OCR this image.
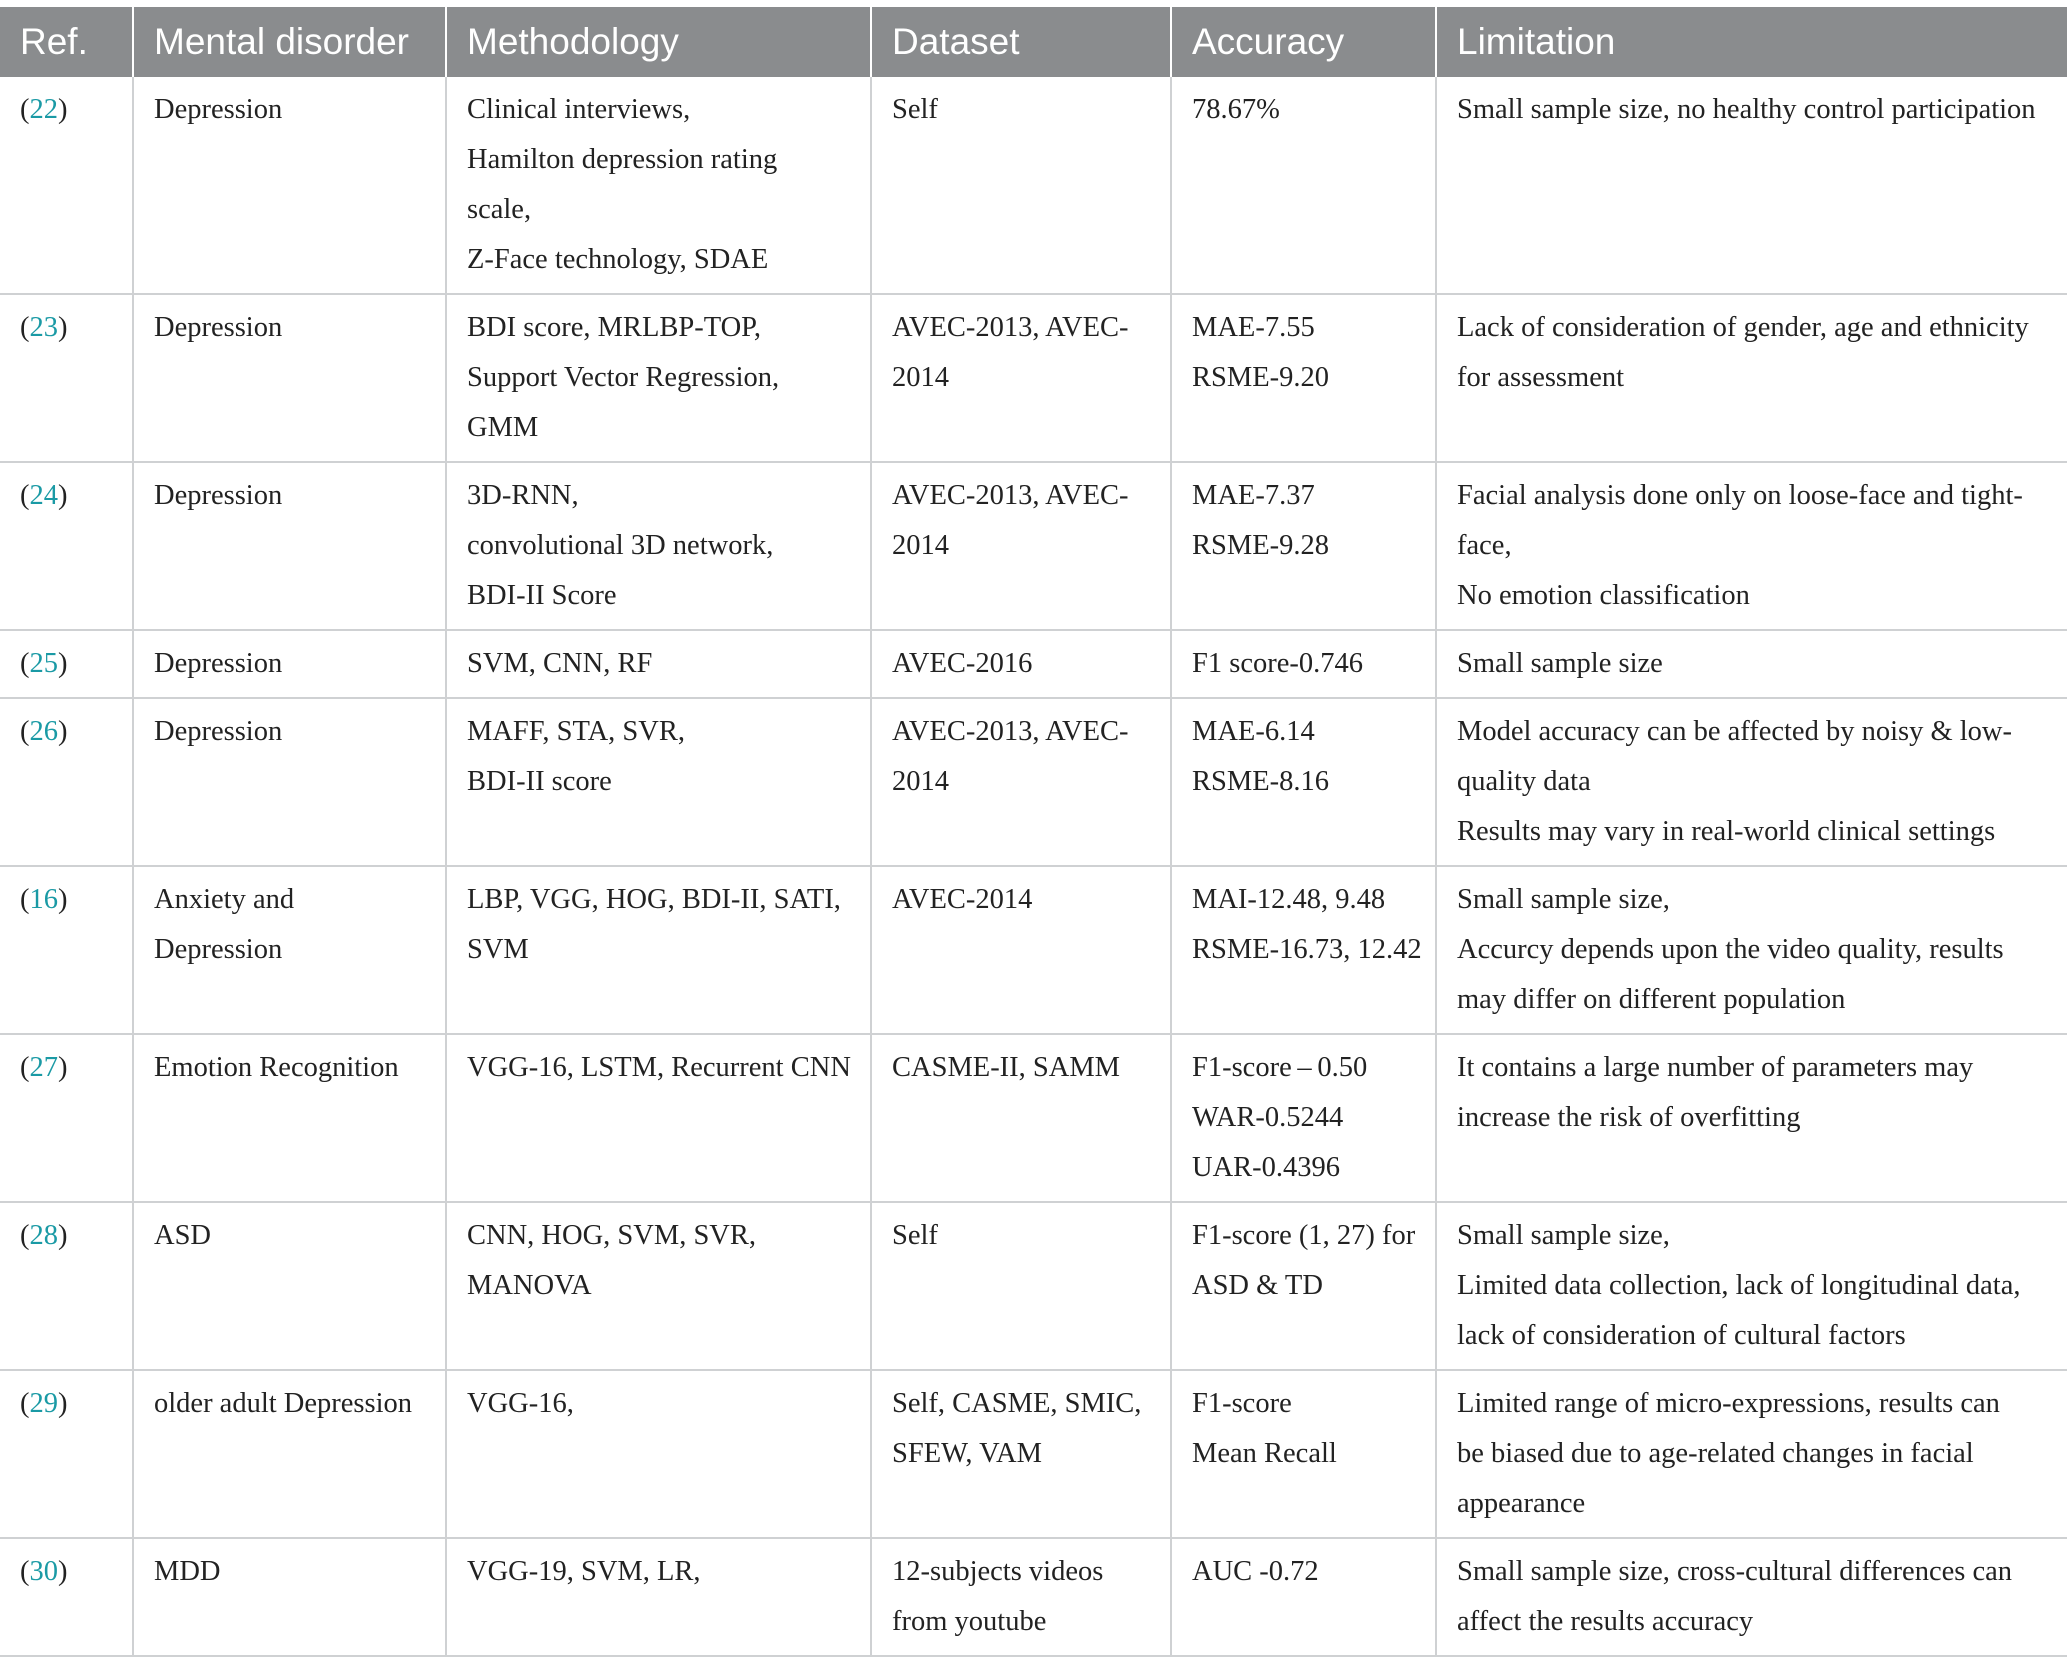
Ref.	Mental disorder	Methodology	Dataset	Accuracy	Limitation
(22)	Depression	Clinical interviews,
Hamilton depression rating
scale,
Z-Face technology, SDAE	Self	78.67%	Small sample size, no healthy control participation

(23)	Depression	BDI score, MRLBP-TOP,
Support Vector Regression,
GMM	AVEC-2013, AVEC-
2014	MAE-7.55
RSME-9.20	Lack of consideration of gender, age and ethnicity
for assessment

(24)	Depression	3D-RNN,
convolutional 3D network,
BDI-II Score	AVEC-2013, AVEC-
2014	MAE-7.37
RSME-9.28	Facial analysis done only on loose-face and tight-
face,
No emotion classification

(25)	Depression	SVM, CNN, RF	AVEC-2016	F1 score-0.746	Small sample size

(26)	Depression	MAFF, STA, SVR,
BDI-II score	AVEC-2013, AVEC-
2014	MAE-6.14
RSME-8.16	Model accuracy can be affected by noisy & low-
quality data
Results may vary in real-world clinical settings

(16)	Anxiety and
Depression	LBP, VGG, HOG, BDI-II, SATI,
SVM	AVEC-2014	MAI-12.48, 9.48
RSME-16.73, 12.42	Small sample size,
Accurcy depends upon the video quality, results
may differ on different population

(27)	Emotion Recognition	VGG-16, LSTM, Recurrent CNN	CASME-II, SAMM	F1-score – 0.50
WAR-0.5244
UAR-0.4396	It contains a large number of parameters may
increase the risk of overfitting

(28)	ASD	CNN, HOG, SVM, SVR,
MANOVA	Self	F1-score (1, 27) for
ASD & TD	Small sample size,
Limited data collection, lack of longitudinal data,
lack of consideration of cultural factors

(29)	older adult Depression	VGG-16,	Self, CASME, SMIC,
SFEW, VAM	F1-score
Mean Recall	Limited range of micro-expressions, results can
be biased due to age-related changes in facial
appearance

(30)	MDD	VGG-19, SVM, LR,	12-subjects videos
from youtube	AUC -0.72	Small sample size, cross-cultural differences can
affect the results accuracy
